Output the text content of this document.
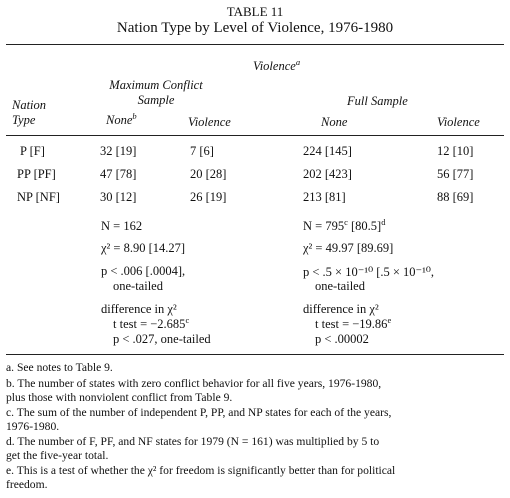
TABLE 11
Nation Type by Level of Violence, 1976-1980
Violence$^a$
Maximum Conflict
Sample	Full Sample
Nation
Type	None$^b$	Violence	None	Violence
P [F]	32 [19]	7 [6]	224 [145]	12 [10]
PP [PF]	47 [78]	20 [28]	202 [423]	56 [77]
NP [NF]	30 [12]	26 [19]	213 [81]	88 [69]
N = 162
χ² = 8.90 [14.27]
p < .006 [.0004],
one-tailed
difference in χ²
t test = −2.685$^c$
p < .027, one-tailed
$N = 795^c$ $[80.5]^d$
χ² = 49.97 [89.69]
p < .5 × 10⁻¹⁰ [.5 × 10⁻¹⁰,
one-tailed
difference in χ²
t test = −19.86$^e$
p < .00002
a. See notes to Table 9.
b. The number of states with zero conflict behavior for all five years, 1976-1980,
plus those with nonviolent conflict from Table 9.
c. The sum of the number of independent P, PP, and NP states for each of the years,
1976-1980.
d. The number of F, PF, and NF states for 1979 (N = 161) was multiplied by 5 to
get the five-year total.
e. This is a test of whether the χ² for freedom is significantly better than for political
freedom.
